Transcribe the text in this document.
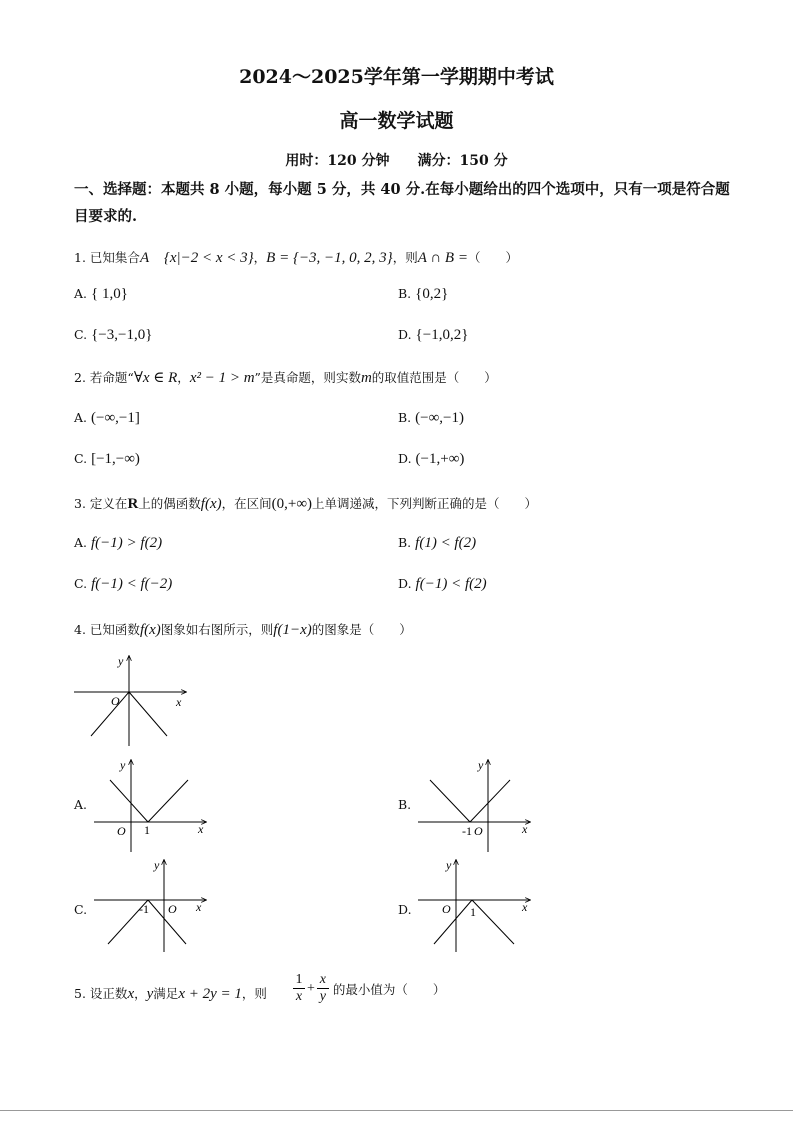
2024～2025学年第一学期期中考试
高一数学试题
用时：120 分钟　　满分：150 分
一、选择题：本题共 8 小题，每小题 5 分，共 40 分.在每小题给出的四个选项中，只有一项是符合题目要求的.
1. 已知集合A　{x|−2 < x < 3}，B = {−3, −1, 0, 2, 3}，则A ∩ B =（　　）
A. { 1,0}	B. {0,2}
C. {−3,−1,0}	D. {−1,0,2}
2. 若命题“∀x ∈ R，x² − 1 > m”是真命题，则实数m的取值范围是（　　）
A. (−∞,−1]	B. (−∞,−1)
C. [−1,−∞)	D. (−1,+∞)
3. 定义在R上的偶函数f(x)，在区间(0,+∞)上单调递减，下列判断正确的是（　　）
A. f(−1) > f(2)	B. f(1) < f(2)
C. f(−1) < f(−2)	D. f(−1) < f(2)
4. 已知函数f(x)图象如右图所示，则f(1−x)的图象是（　　）
y
x
O
A.
y
x
O 1
B.
y
x
-1 O
C.
y
x
-1 O	D.
y
x
O 1
5. 设正数x，y满足x + 2y = 1，则 $\frac{1}{x} + \frac{x}{y}$ 的最小值为（　　）
